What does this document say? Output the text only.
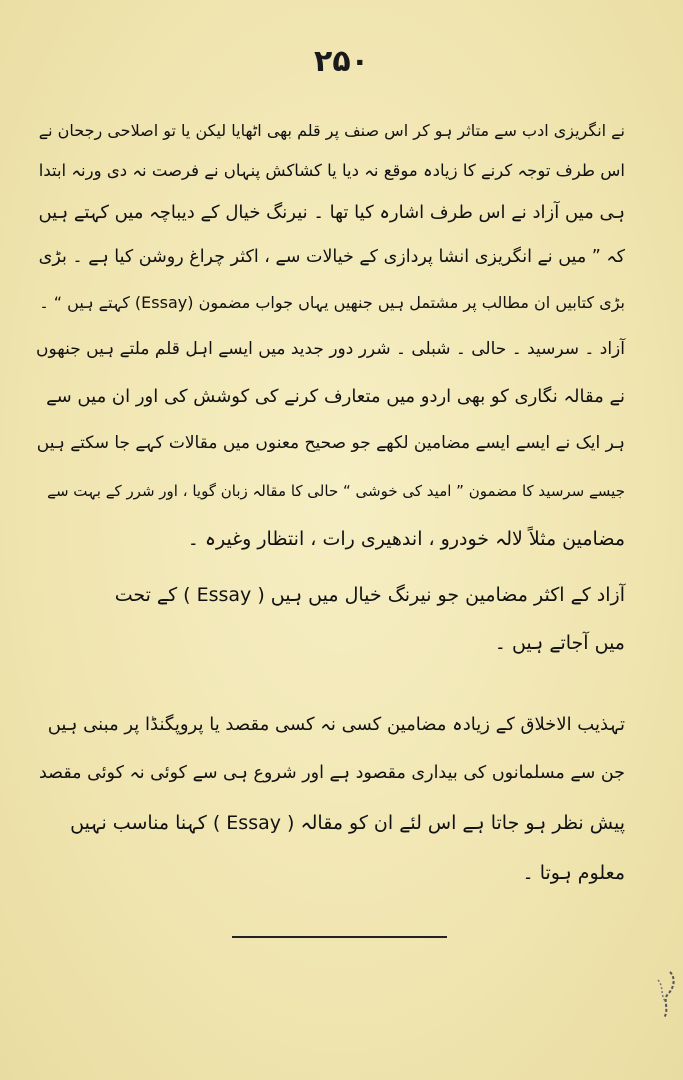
۲۵۰
نے انگریزی ادب سے متاثر ہو کر اس صنف پر قلم بھی اٹھایا لیکن یا تو اصلاحی رجحان نے
اس طرف توجہ کرنے کا زیادہ موقع نہ دیا یا کشاکش پنہاں نے فرصت نہ دی ورنہ ابتدا
ہی میں آزاد نے اس طرف اشارہ کیا تھا ۔ نیرنگ خیال کے دیباچہ میں کہتے ہیں
کہ ” میں نے انگریزی انشا پردازی کے خیالات سے ، اکثر چراغ روشن کیا ہے ۔ بڑی
بڑی کتابیں ان مطالب پر مشتمل ہیں جنھیں یہاں جواب مضمون (Essay) کہتے ہیں “ ۔
آزاد ۔ سرسید ۔ حالی ۔ شبلی ۔ شرر دور جدید میں ایسے اہل قلم ملتے ہیں جنھوں
نے مقالہ نگاری کو بھی اردو میں متعارف کرنے کی کوشش کی اور ان میں سے
ہر ایک نے ایسے ایسے مضامین لکھے جو صحیح معنوں میں مقالات کہے جا سکتے ہیں
جیسے سرسید کا مضمون ” امید کی خوشی “ حالی کا مقالہ زبان گویا ، اور شرر کے بہت سے
مضامین مثلاً لالہ خودرو ، اندھیری رات ، انتظار وغیرہ ۔
آزاد کے اکثر مضامین جو نیرنگ خیال میں ہیں ( Essay ) کے تحت
میں آجاتے ہیں ۔
تہذیب الاخلاق کے زیادہ مضامین کسی نہ کسی مقصد یا پروپگنڈا پر مبنی ہیں
جن سے مسلمانوں کی بیداری مقصود ہے اور شروع ہی سے کوئی نہ کوئی مقصد
پیش نظر ہو جاتا ہے اس لئے ان کو مقالہ ( Essay ) کہنا مناسب نہیں
معلوم ہوتا ۔
